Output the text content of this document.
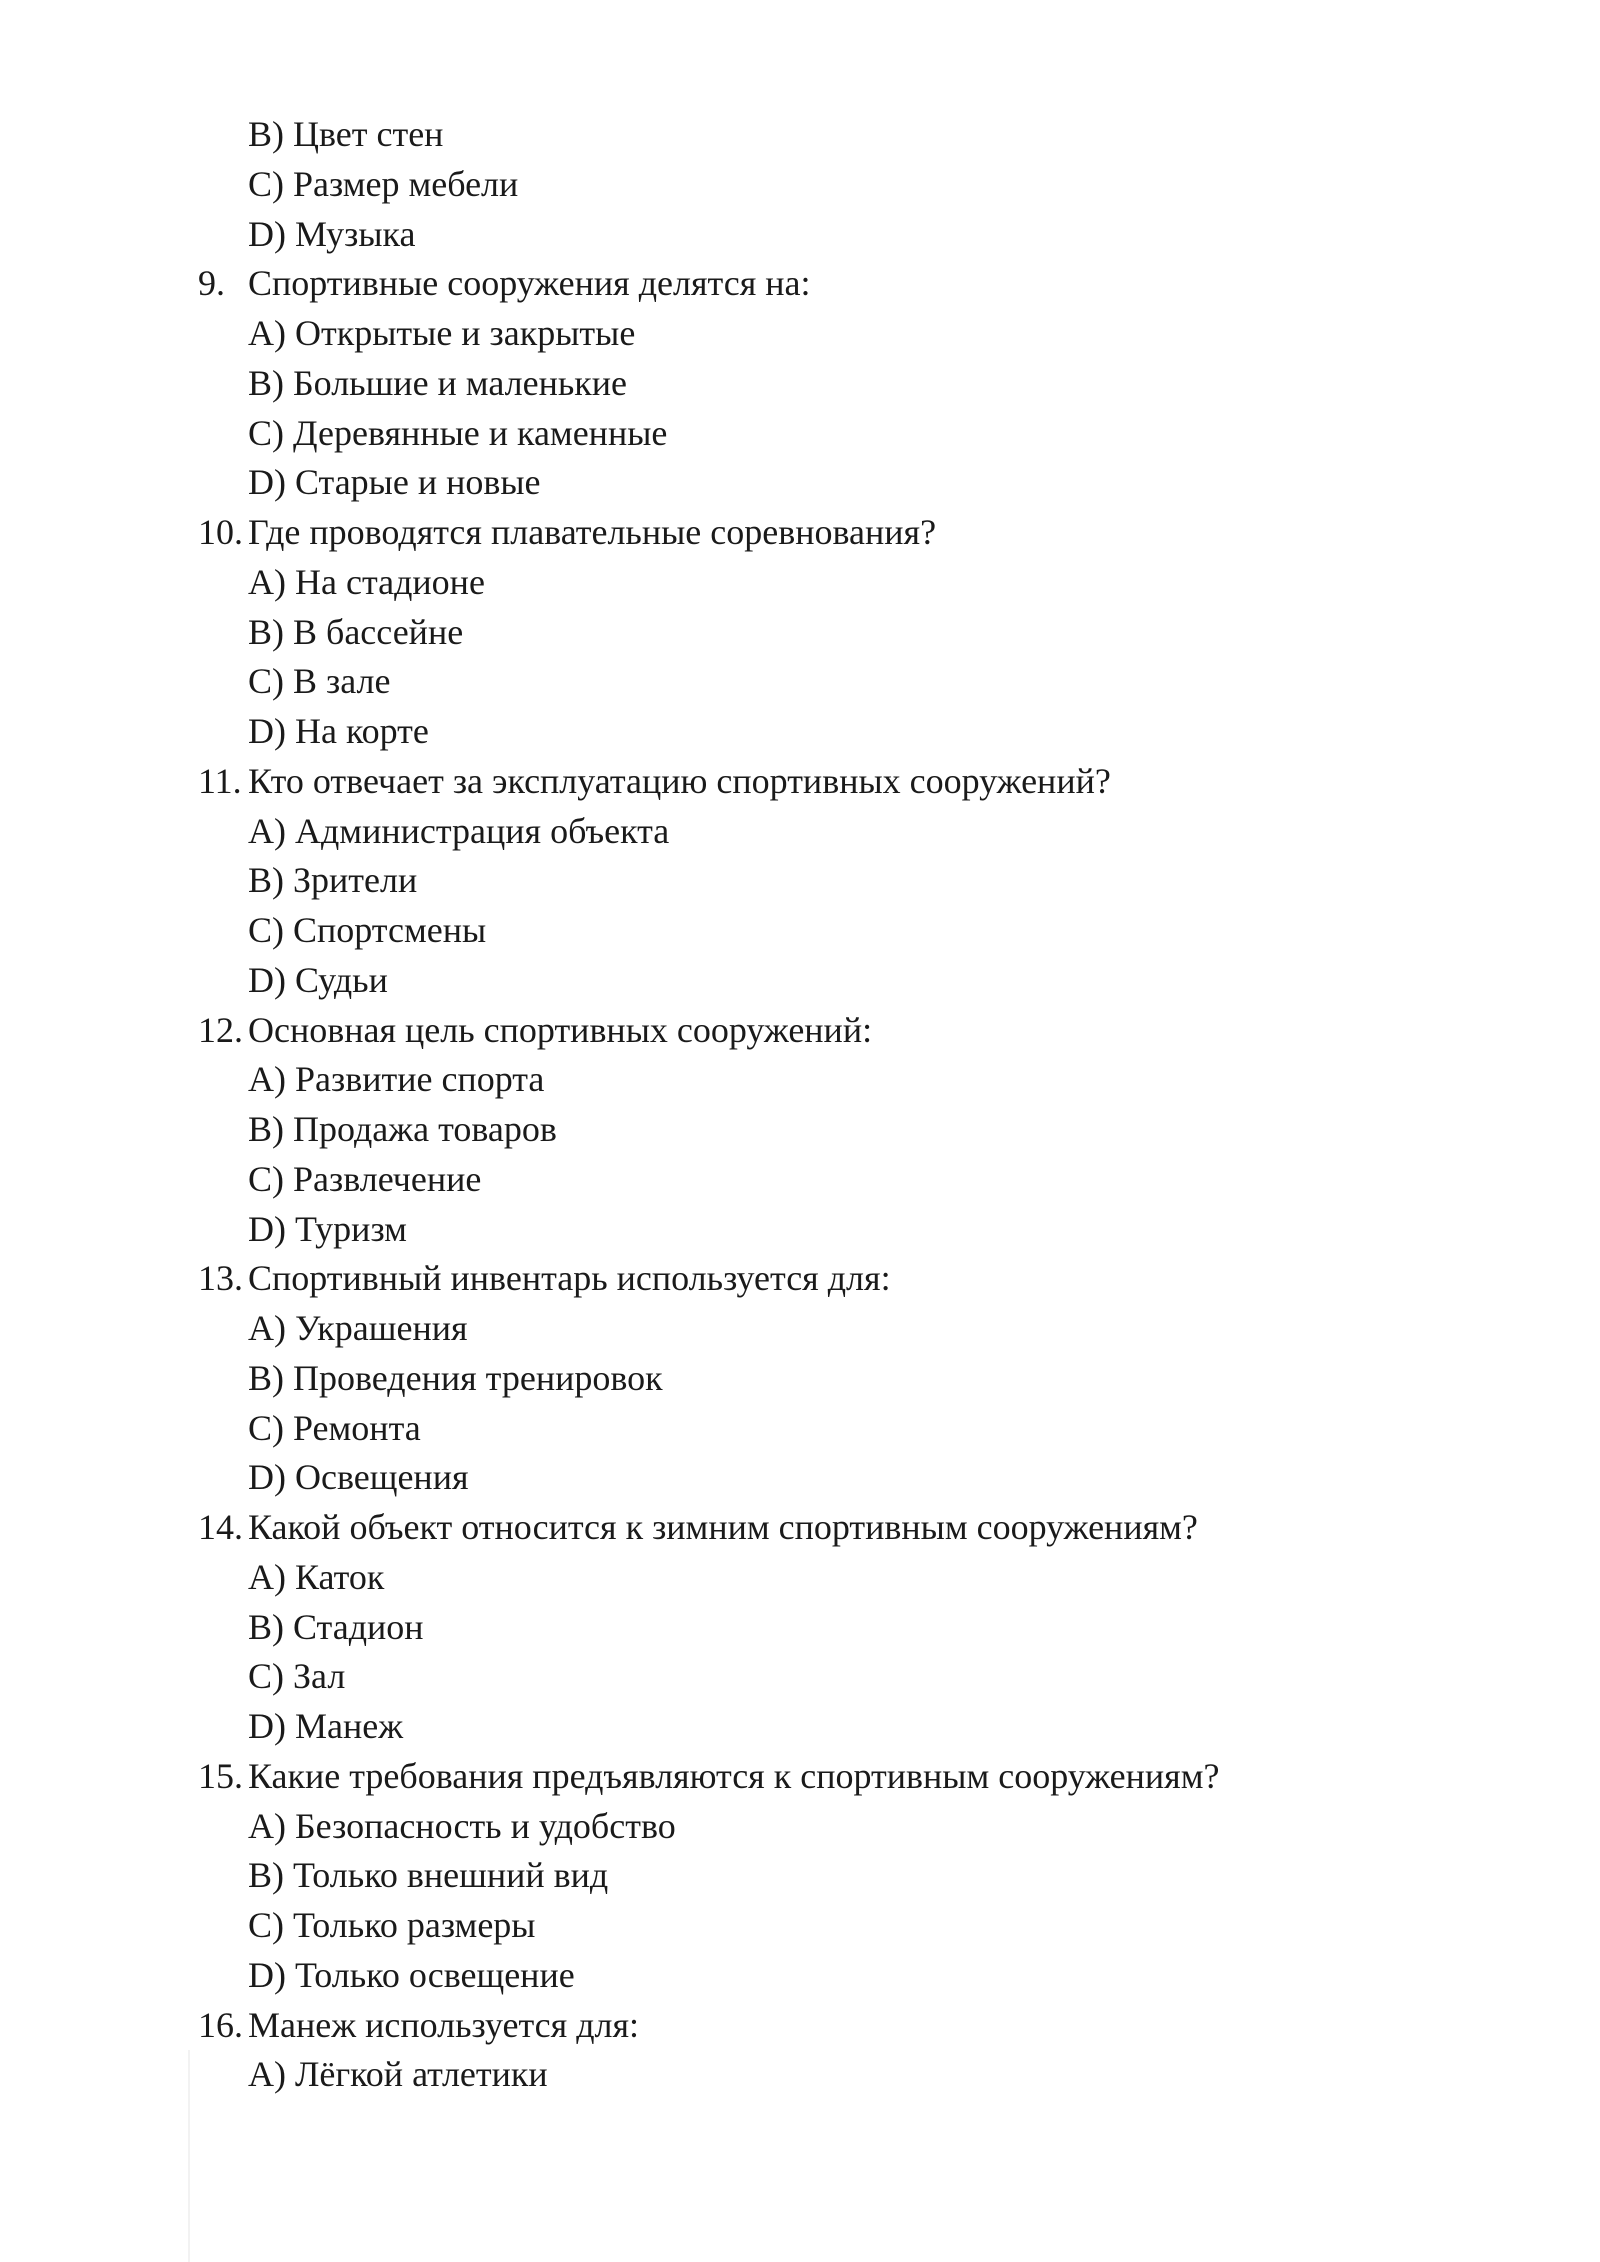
B) Цвет стен
C) Размер мебели
D) Музыка
9. Спортивные сооружения делятся на:
A) Открытые и закрытые
B) Большие и маленькие
C) Деревянные и каменные
D) Старые и новые
10. Где проводятся плавательные соревнования?
A) На стадионе
B) В бассейне
C) В зале
D) На корте
11. Кто отвечает за эксплуатацию спортивных сооружений?
A) Администрация объекта
B) Зрители
C) Спортсмены
D) Судьи
12. Основная цель спортивных сооружений:
A) Развитие спорта
B) Продажа товаров
C) Развлечение
D) Туризм
13. Спортивный инвентарь используется для:
A) Украшения
B) Проведения тренировок
C) Ремонта
D) Освещения
14. Какой объект относится к зимним спортивным сооружениям?
A) Каток
B) Стадион
C) Зал
D) Манеж
15. Какие требования предъявляются к спортивным сооружениям?
A) Безопасность и удобство
B) Только внешний вид
C) Только размеры
D) Только освещение
16. Манеж используется для:
A) Лёгкой атлетики
